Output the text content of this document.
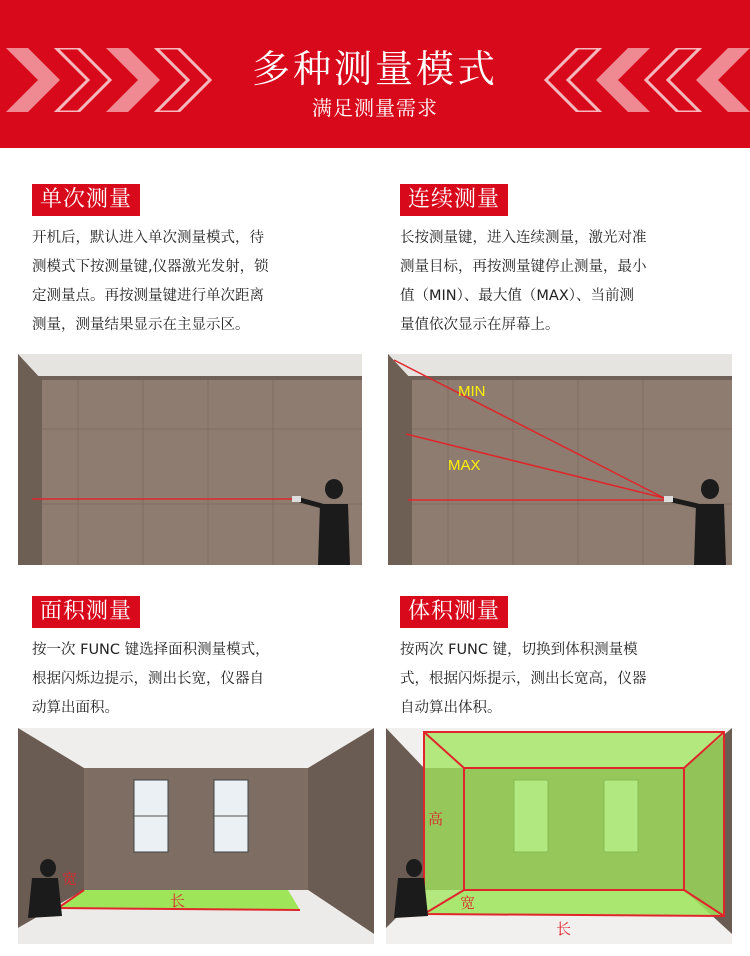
多种测量模式
满足测量需求
单次测量
开机后，默认进入单次测量模式，待
测模式下按测量键,仪器激光发射，锁
定测量点。再按测量键进行单次距离
测量，测量结果显示在主显示区。
连续测量
长按测量键，进入连续测量，激光对准
测量目标，再按测量键停止测量，最小
值（MIN）、最大值（MAX）、当前测
量值依次显示在屏幕上。
MIN
MAX
面积测量
按一次 FUNC 键选择面积测量模式，
根据闪烁边提示，测出长宽，仪器自
动算出面积。
体积测量
按两次 FUNC 键，切换到体积测量模
式，根据闪烁提示，测出长宽高，仪器
自动算出体积。
宽
长
高
宽
长
